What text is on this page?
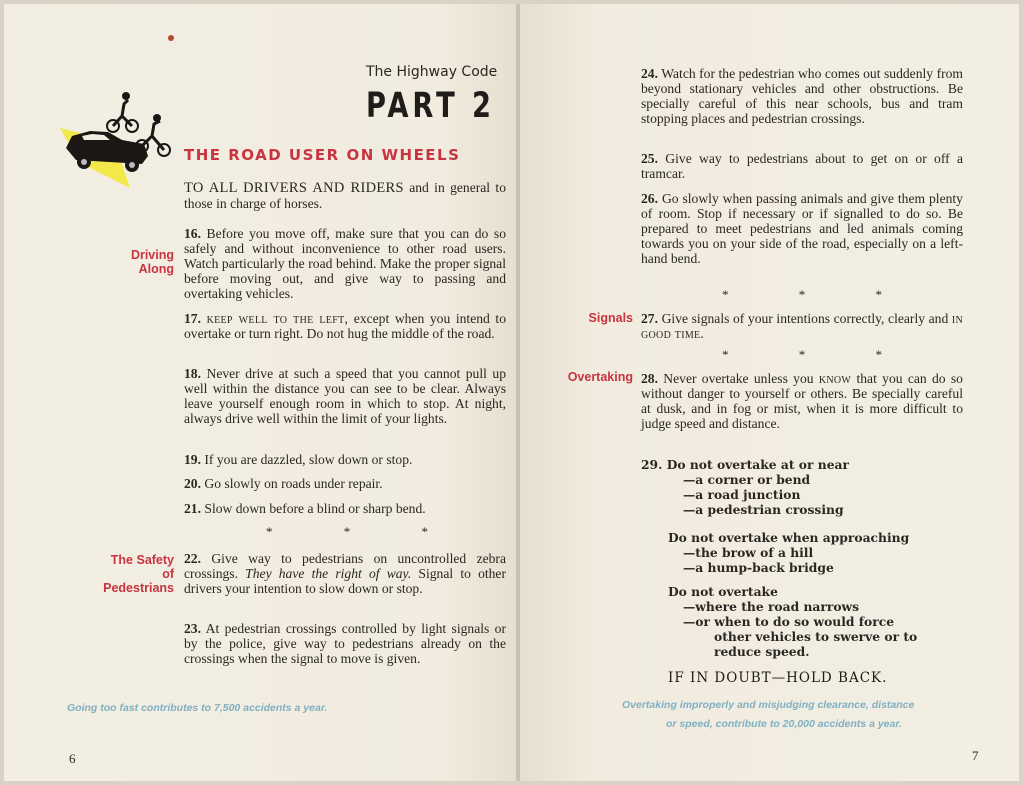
The Highway Code
PART 2
THE ROAD USER ON WHEELS
TO ALL DRIVERS AND RIDERS and in general to those in charge of horses.
Driving Along
16. Before you move off, make sure that you can do so safely and without inconvenience to other road users. Watch particularly the road behind. Make the proper signal before moving out, and give way to passing and overtaking vehicles.
17. keep well to the left, except when you intend to overtake or turn right. Do not hug the middle of the road.
18. Never drive at such a speed that you cannot pull up well within the distance you can see to be clear. Always leave yourself enough room in which to stop. At night, always drive well within the limit of your lights.
19. If you are dazzled, slow down or stop.
20. Go slowly on roads under repair.
21. Slow down before a blind or sharp bend.
*	*	*
The Safety of Pedestrians
22. Give way to pedestrians on uncontrolled zebra crossings. They have the right of way. Signal to other drivers your intention to slow down or stop.
23. At pedestrian crossings controlled by light signals or by the police, give way to pedestrians already on the crossings when the signal to move is given.
Going too fast contributes to 7,500 accidents a year.
6
24. Watch for the pedestrian who comes out suddenly from beyond stationary vehicles and other obstructions. Be specially careful of this near schools, bus and tram stopping places and pedestrian crossings.
25. Give way to pedestrians about to get on or off a tramcar.
26. Go slowly when passing animals and give them plenty of room. Stop if necessary or if signalled to do so. Be prepared to meet pedestrians and led animals coming towards you on your side of the road, especially on a left-hand bend.
*	*	*
Signals 27. Give signals of your intentions correctly, clearly and in good time.
*	*	*
Overtaking 28. Never overtake unless you know that you can do so without danger to yourself or others. Be specially careful at dusk, and in fog or mist, when it is more difficult to judge speed and distance.
29. Do not overtake at or near
—a corner or bend
—a road junction
—a pedestrian crossing
Do not overtake when approaching
—the brow of a hill
—a hump-back bridge
Do not overtake
—where the road narrows
—or when to do so would force
other vehicles to swerve or to
reduce speed.
IF IN DOUBT—HOLD BACK.
Overtaking improperly and misjudging clearance, distance
or speed, contribute to 20,000 accidents a year.
7
